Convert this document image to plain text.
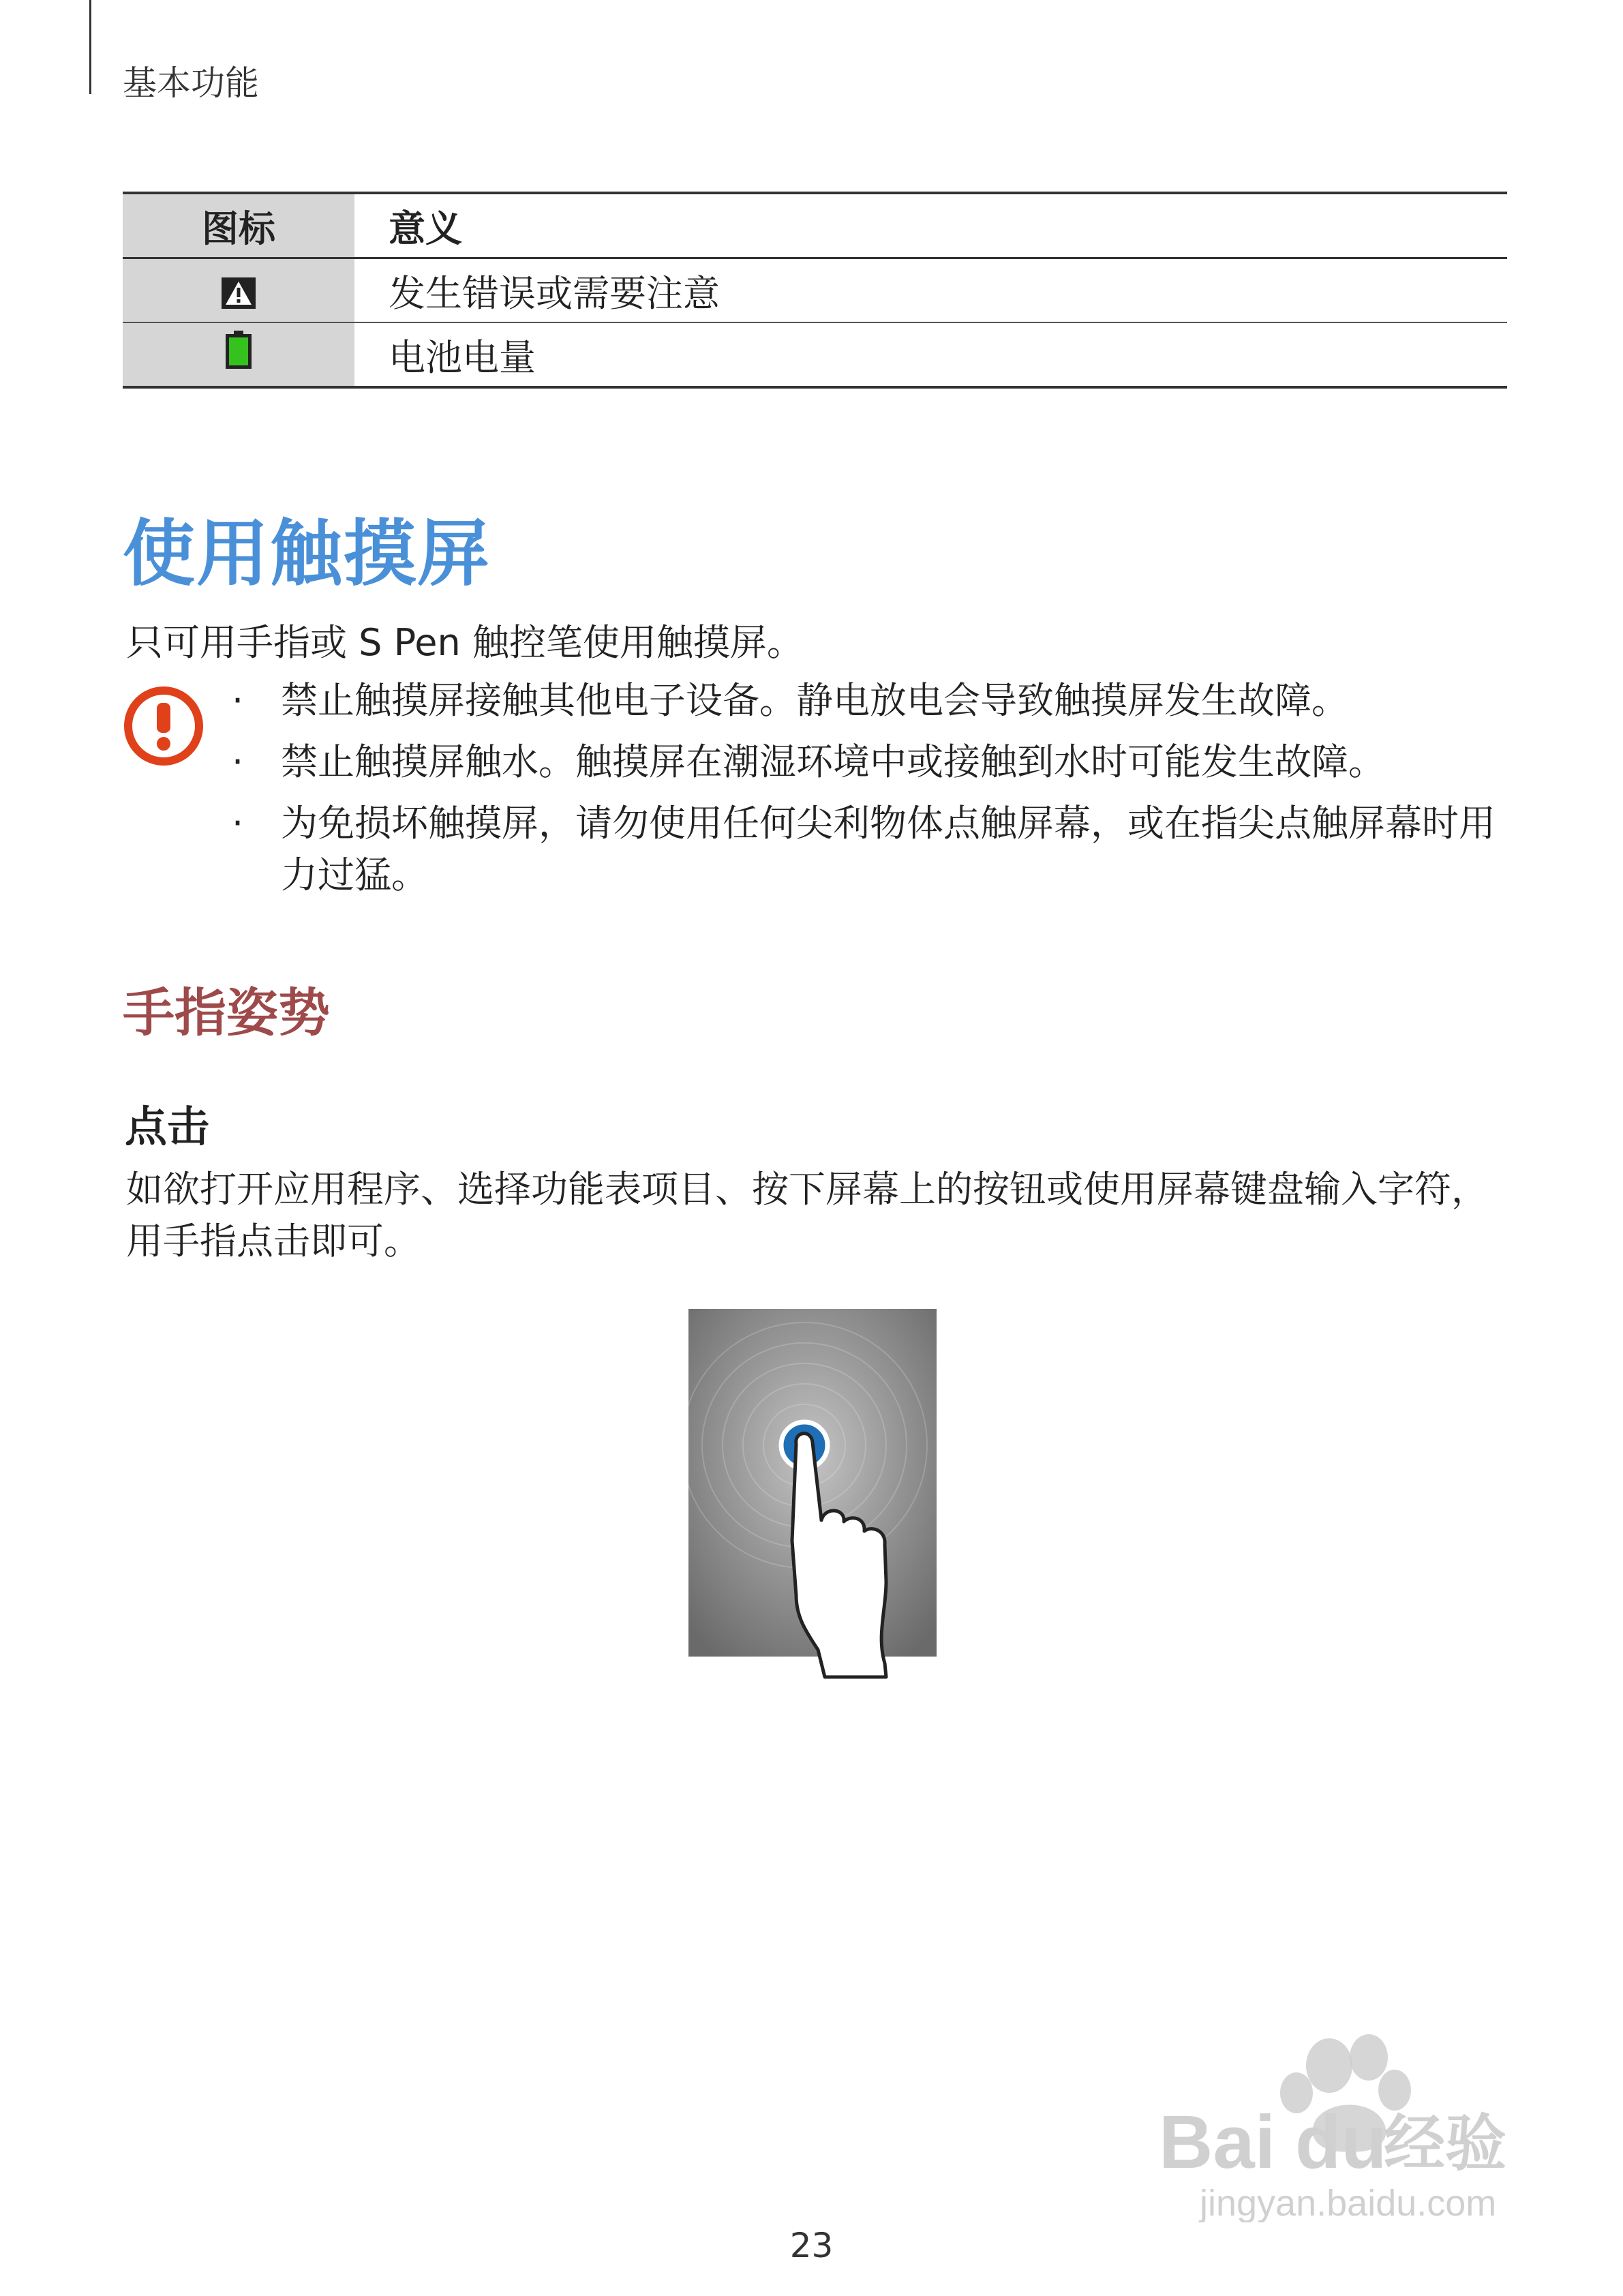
基本功能
图标	意义

	发生错误或需要注意
	电池电量
使用触摸屏

只可用手指或 S Pen 触控笔使用触摸屏。

· 禁止触摸屏接触其他电子设备。静电放电会导致触摸屏发生故障。
· 禁止触摸屏触水。触摸屏在潮湿环境中或接触到水时可能发生故障。
· 为免损坏触摸屏，请勿使用任何尖利物体点触屏幕，或在指尖点触屏幕时用力过猛。
手指姿势
点击

如欲打开应用程序、选择功能表项目、按下屏幕上的按钮或使用屏幕键盘输入字符，用手指点击即可。

Bai du
经验
jingyan.baidu.com
23
